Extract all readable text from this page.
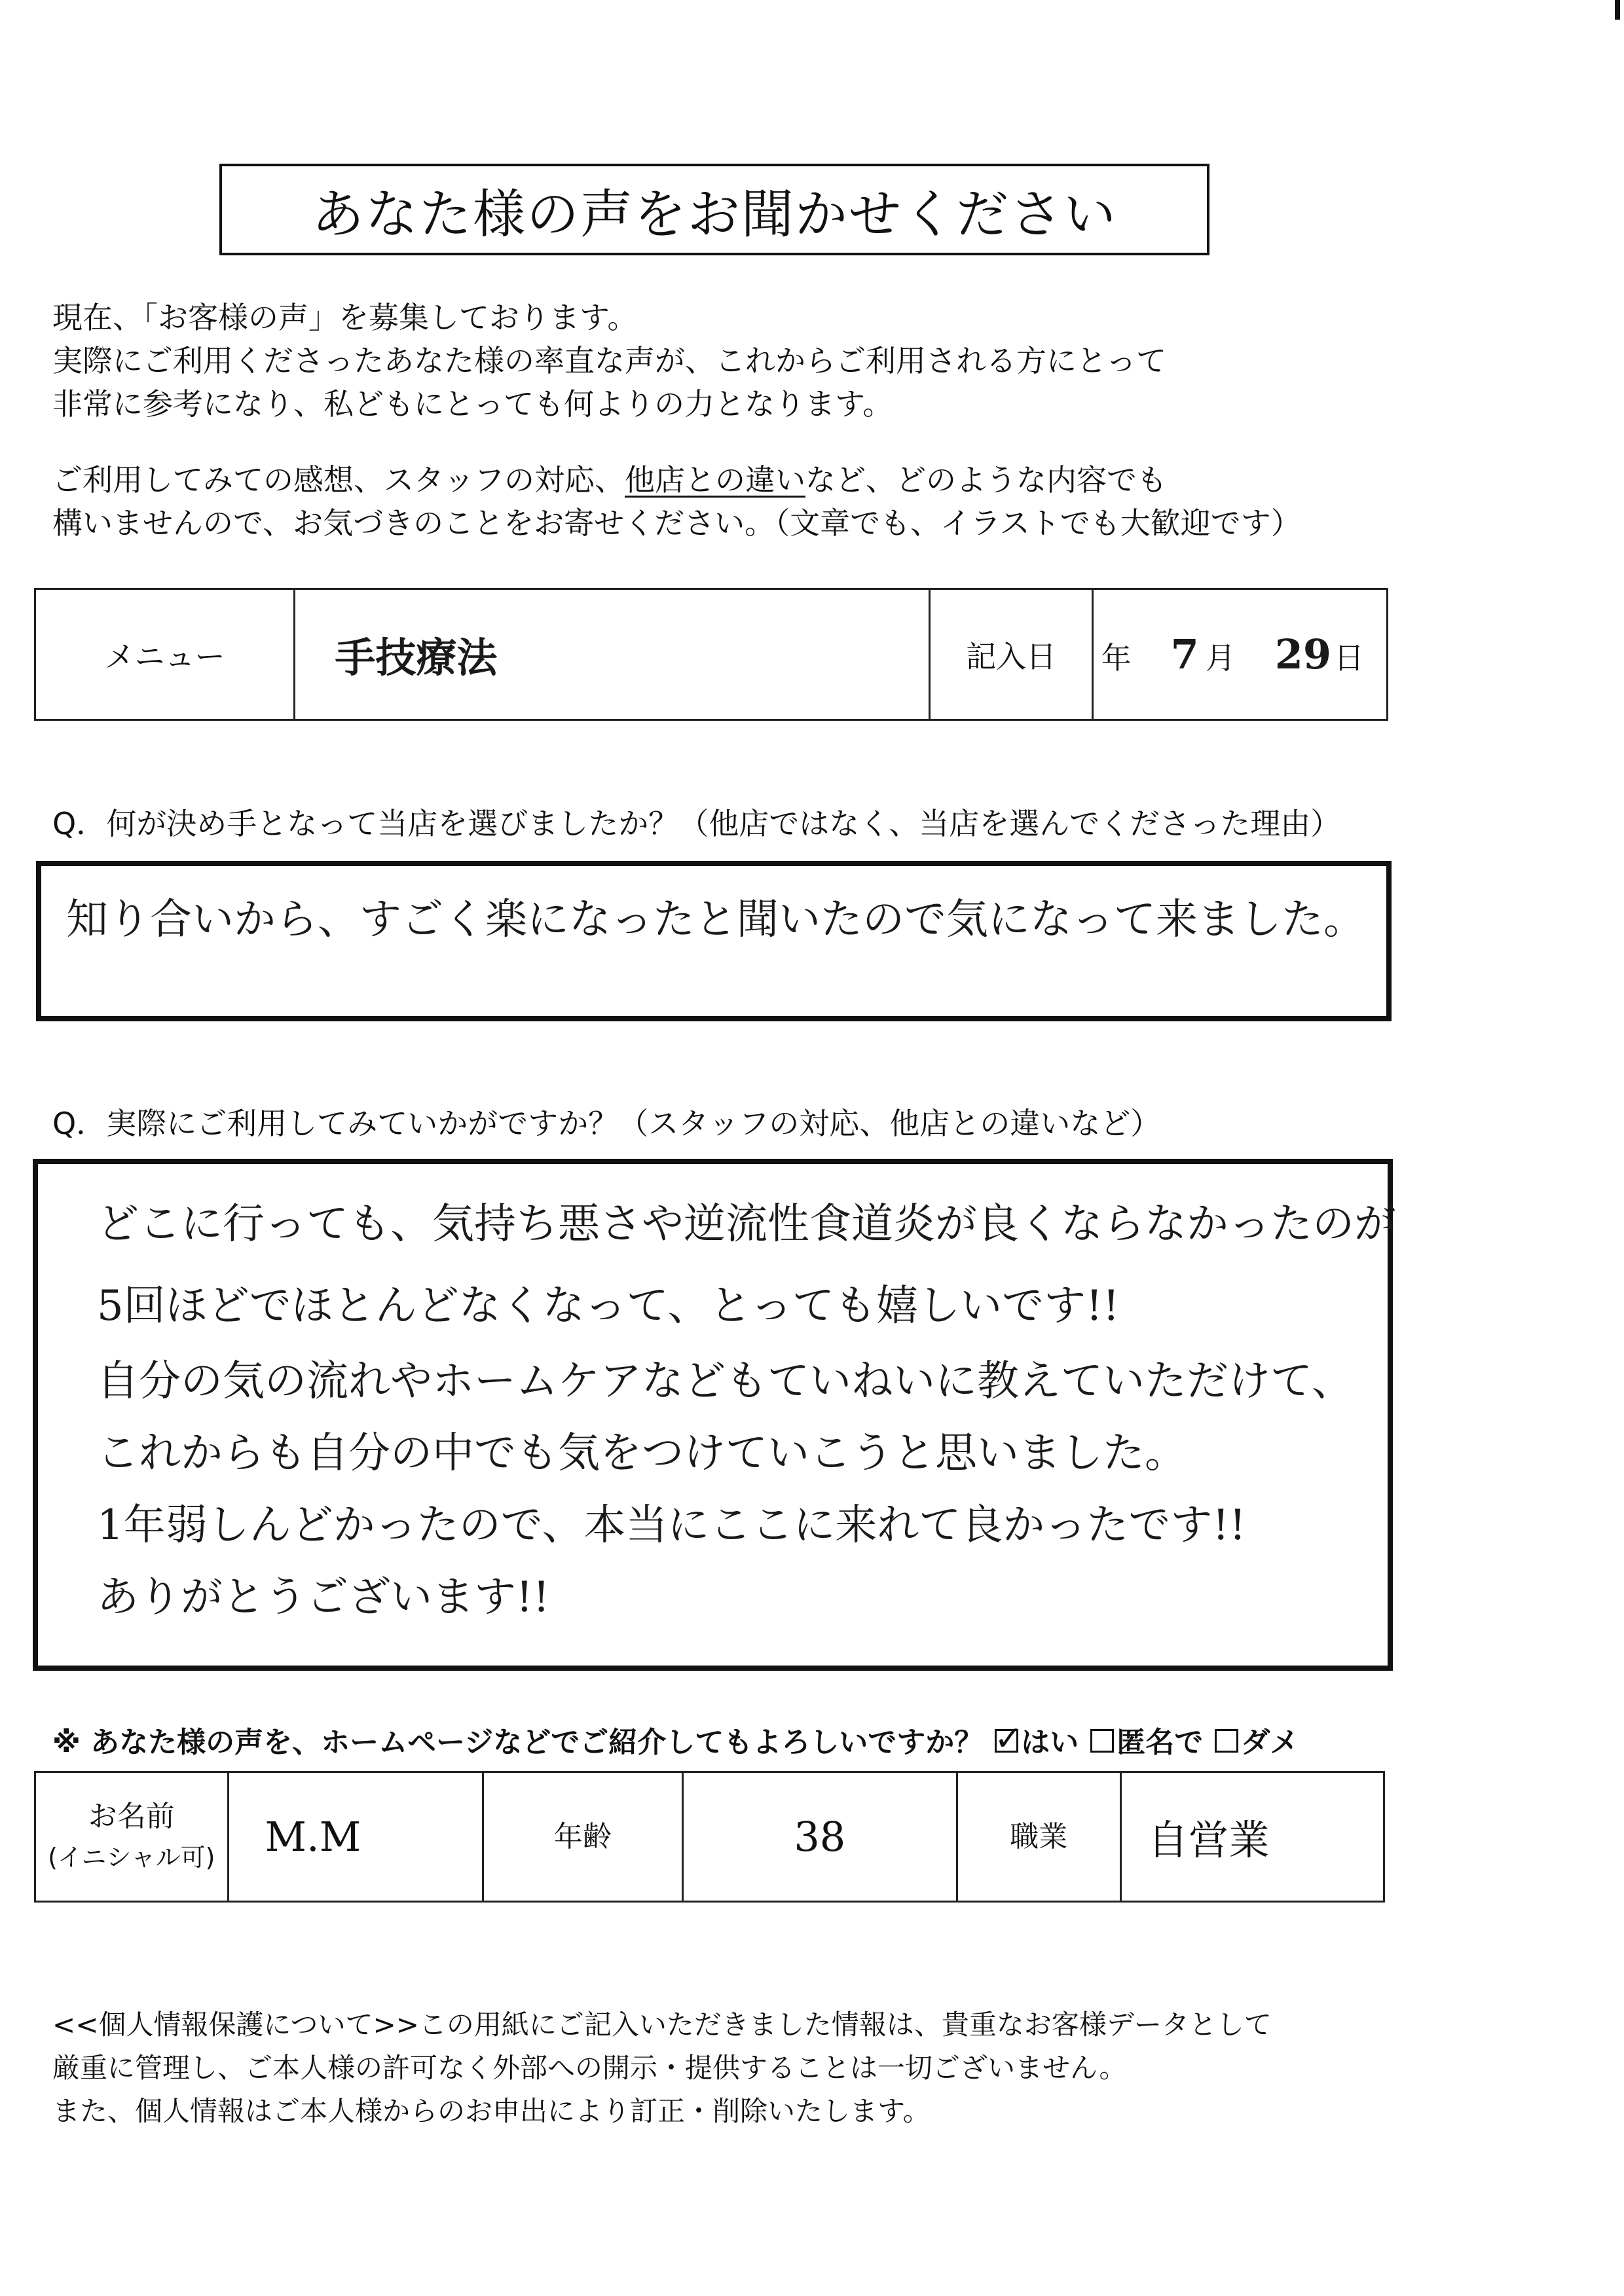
あなた様の声をお聞かせください
現在、「お客様の声」を募集しております。
実際にご利用くださったあなた様の率直な声が、これからご利用される方にとって
非常に参考になり、私どもにとっても何よりの力となります。
ご利用してみての感想、スタッフの対応、他店との違いなど、どのような内容でも
構いませんので、お気づきのことをお寄せください。（文章でも、イラストでも大歓迎です）
メニュー	手技療法	記入日	年 7 月 29日
Q．何が決め手となって当店を選びましたか？（他店ではなく、当店を選んでくださった理由）
知り合いから、すごく楽になったと聞いたので気になって来ました。
Q．実際にご利用してみていかがですか？（スタッフの対応、他店との違いなど）
どこに行っても、気持ち悪さや逆流性食道炎が良くならなかったのが
5回ほどでほとんどなくなって、とっても嬉しいです!!
自分の気の流れやホームケアなどもていねいに教えていただけて、
これからも自分の中でも気をつけていこうと思いました。
1年弱しんどかったので、本当にここに来れて良かったです!!
ありがとうございます!!
※ あなた様の声を、ホームページなどでご紹介してもよろしいですか？ ✓
はい 匿名で ダメ
お名前
(イニシャル可)	M.M	年齢	38	職業	自営業
<<個人情報保護について>>この用紙にご記入いただきました情報は、貴重なお客様データとして
厳重に管理し、ご本人様の許可なく外部への開示・提供することは一切ございません。
また、個人情報はご本人様からのお申出により訂正・削除いたします。
